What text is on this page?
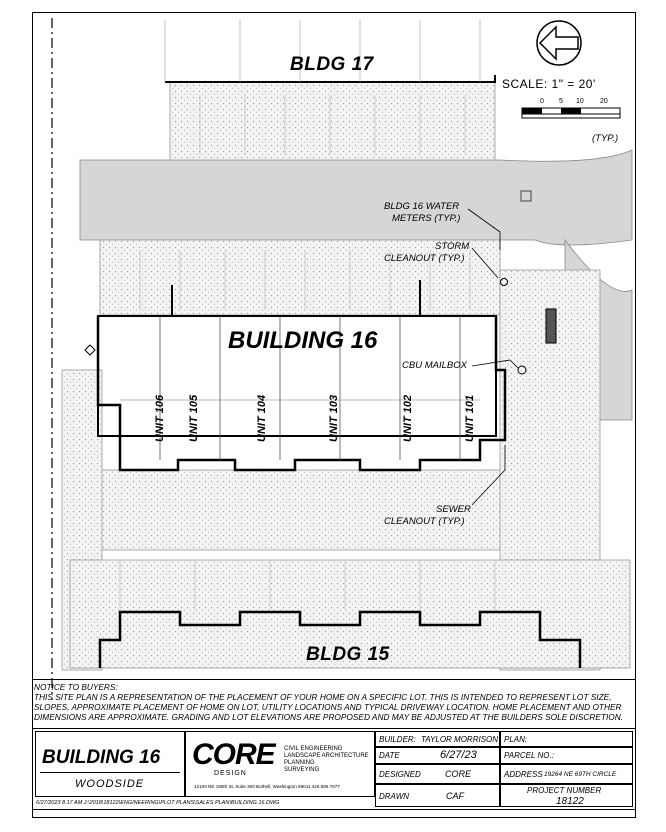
BLDG 17
BLDG 15
BUILDING 16
SCALE: 1" = 20'
0 5 10 20
(TYP.)
BLDG 16 WATER
METERS (TYP.)
STORM
CLEANOUT (TYP.)
CBU MAILBOX
SEWER
CLEANOUT (TYP.)
UNIT 106 UNIT 105	UNIT 104	UNIT 103	UNIT 102	UNIT 101
NOTICE TO BUYERS:
THIS SITE PLAN IS A REPRESENTATION OF THE PLACEMENT OF YOUR HOME ON A SPECIFIC LOT. THIS IS INTENDED TO REPRESENT LOT SIZE, SLOPES, APPROXIMATE PLACEMENT OF HOME ON LOT, UTILITY LOCATIONS AND TYPICAL DRIVEWAY LOCATION. HOME PLACEMENT AND OTHER DIMENSIONS ARE APPROXIMATE. GRADING AND LOT ELEVATIONS ARE PROPOSED AND MAY BE ADJUSTED AT THE BUILDERS SOLE DISCRETION.
BUILDING 16
WOODSIDE
CORE
DESIGN
CIVIL ENGINEERING
LANDSCAPE ARCHITECTURE
PLANNING
SURVEYING
12100 NE 195th St, Suite 300 Bothell, Washington 98011 425.885.7877
BUILDER: TAYLOR MORRISON PLAN:
DATE	6/27/23	PARCEL NO.:
DESIGNED	CORE	ADDRESS 19264 NE 69TH CIRCLE
DRAWN	CAF
PROJECT NUMBER
18122
6/27/2023 8:17 AM J:\2018\18122\ENGINEERING\PLOT PLANS\SALES PLAN\BUILDING 16.DWG
